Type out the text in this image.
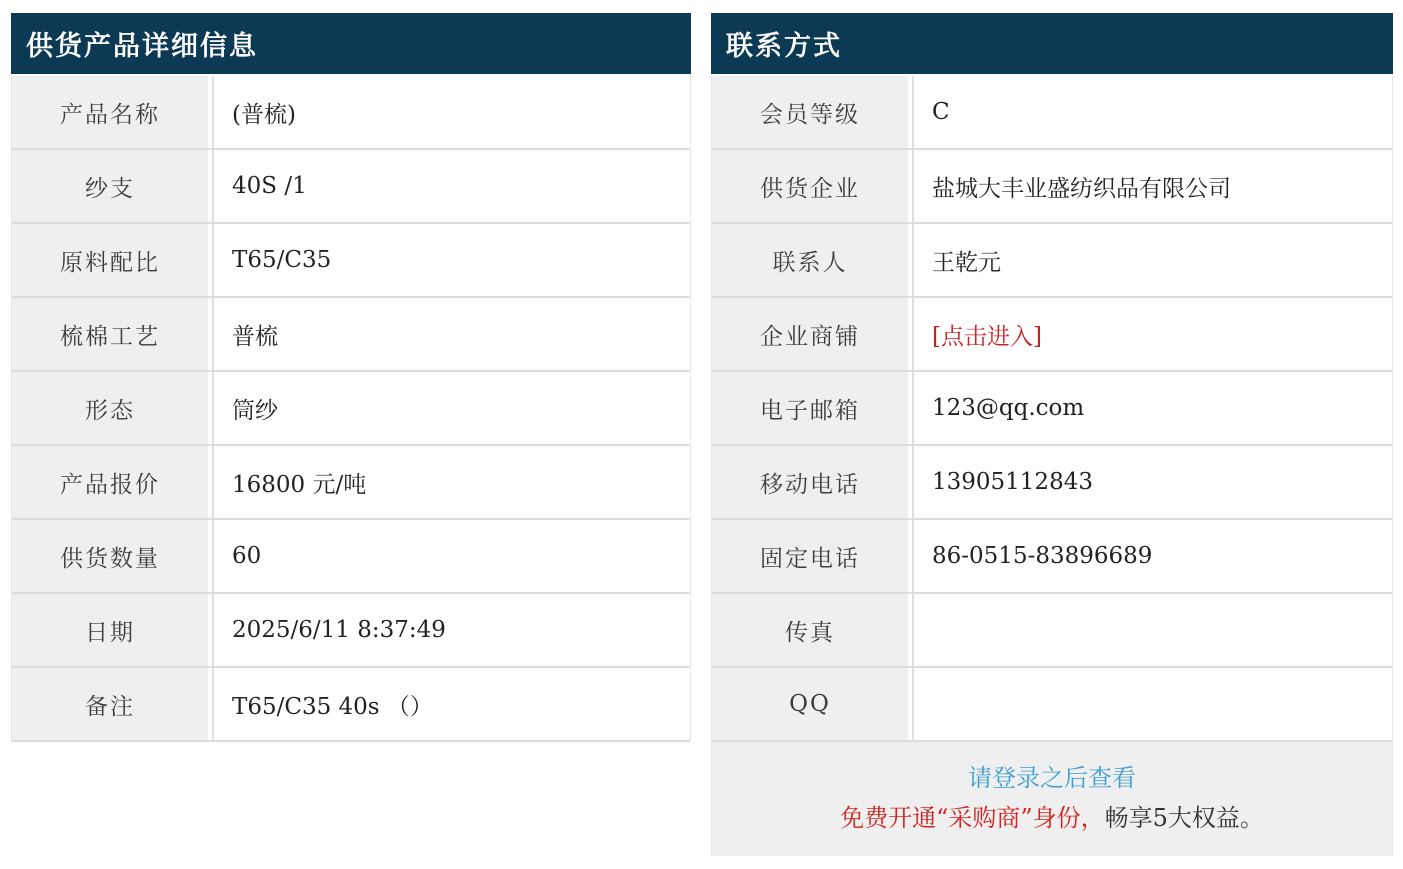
供货产品详细信息
产品名称	(普梳)
纱支	40S /1
原料配比	T65/C35
梳棉工艺	普梳
形态	筒纱
产品报价	16800 元/吨
供货数量	60
日期	2025/6/11 8:37:49
备注	T65/C35 40s （）
联系方式
会员等级	C
供货企业	盐城大丰业盛纺织品有限公司
联系人	王乾元
企业商铺	[点击进入]
电子邮箱	123@qq.com
移动电话	13905112843
固定电话	86-0515-83896689
传真
QQ
请登录之后查看
免费开通“采购商”身份，畅享5大权益。
